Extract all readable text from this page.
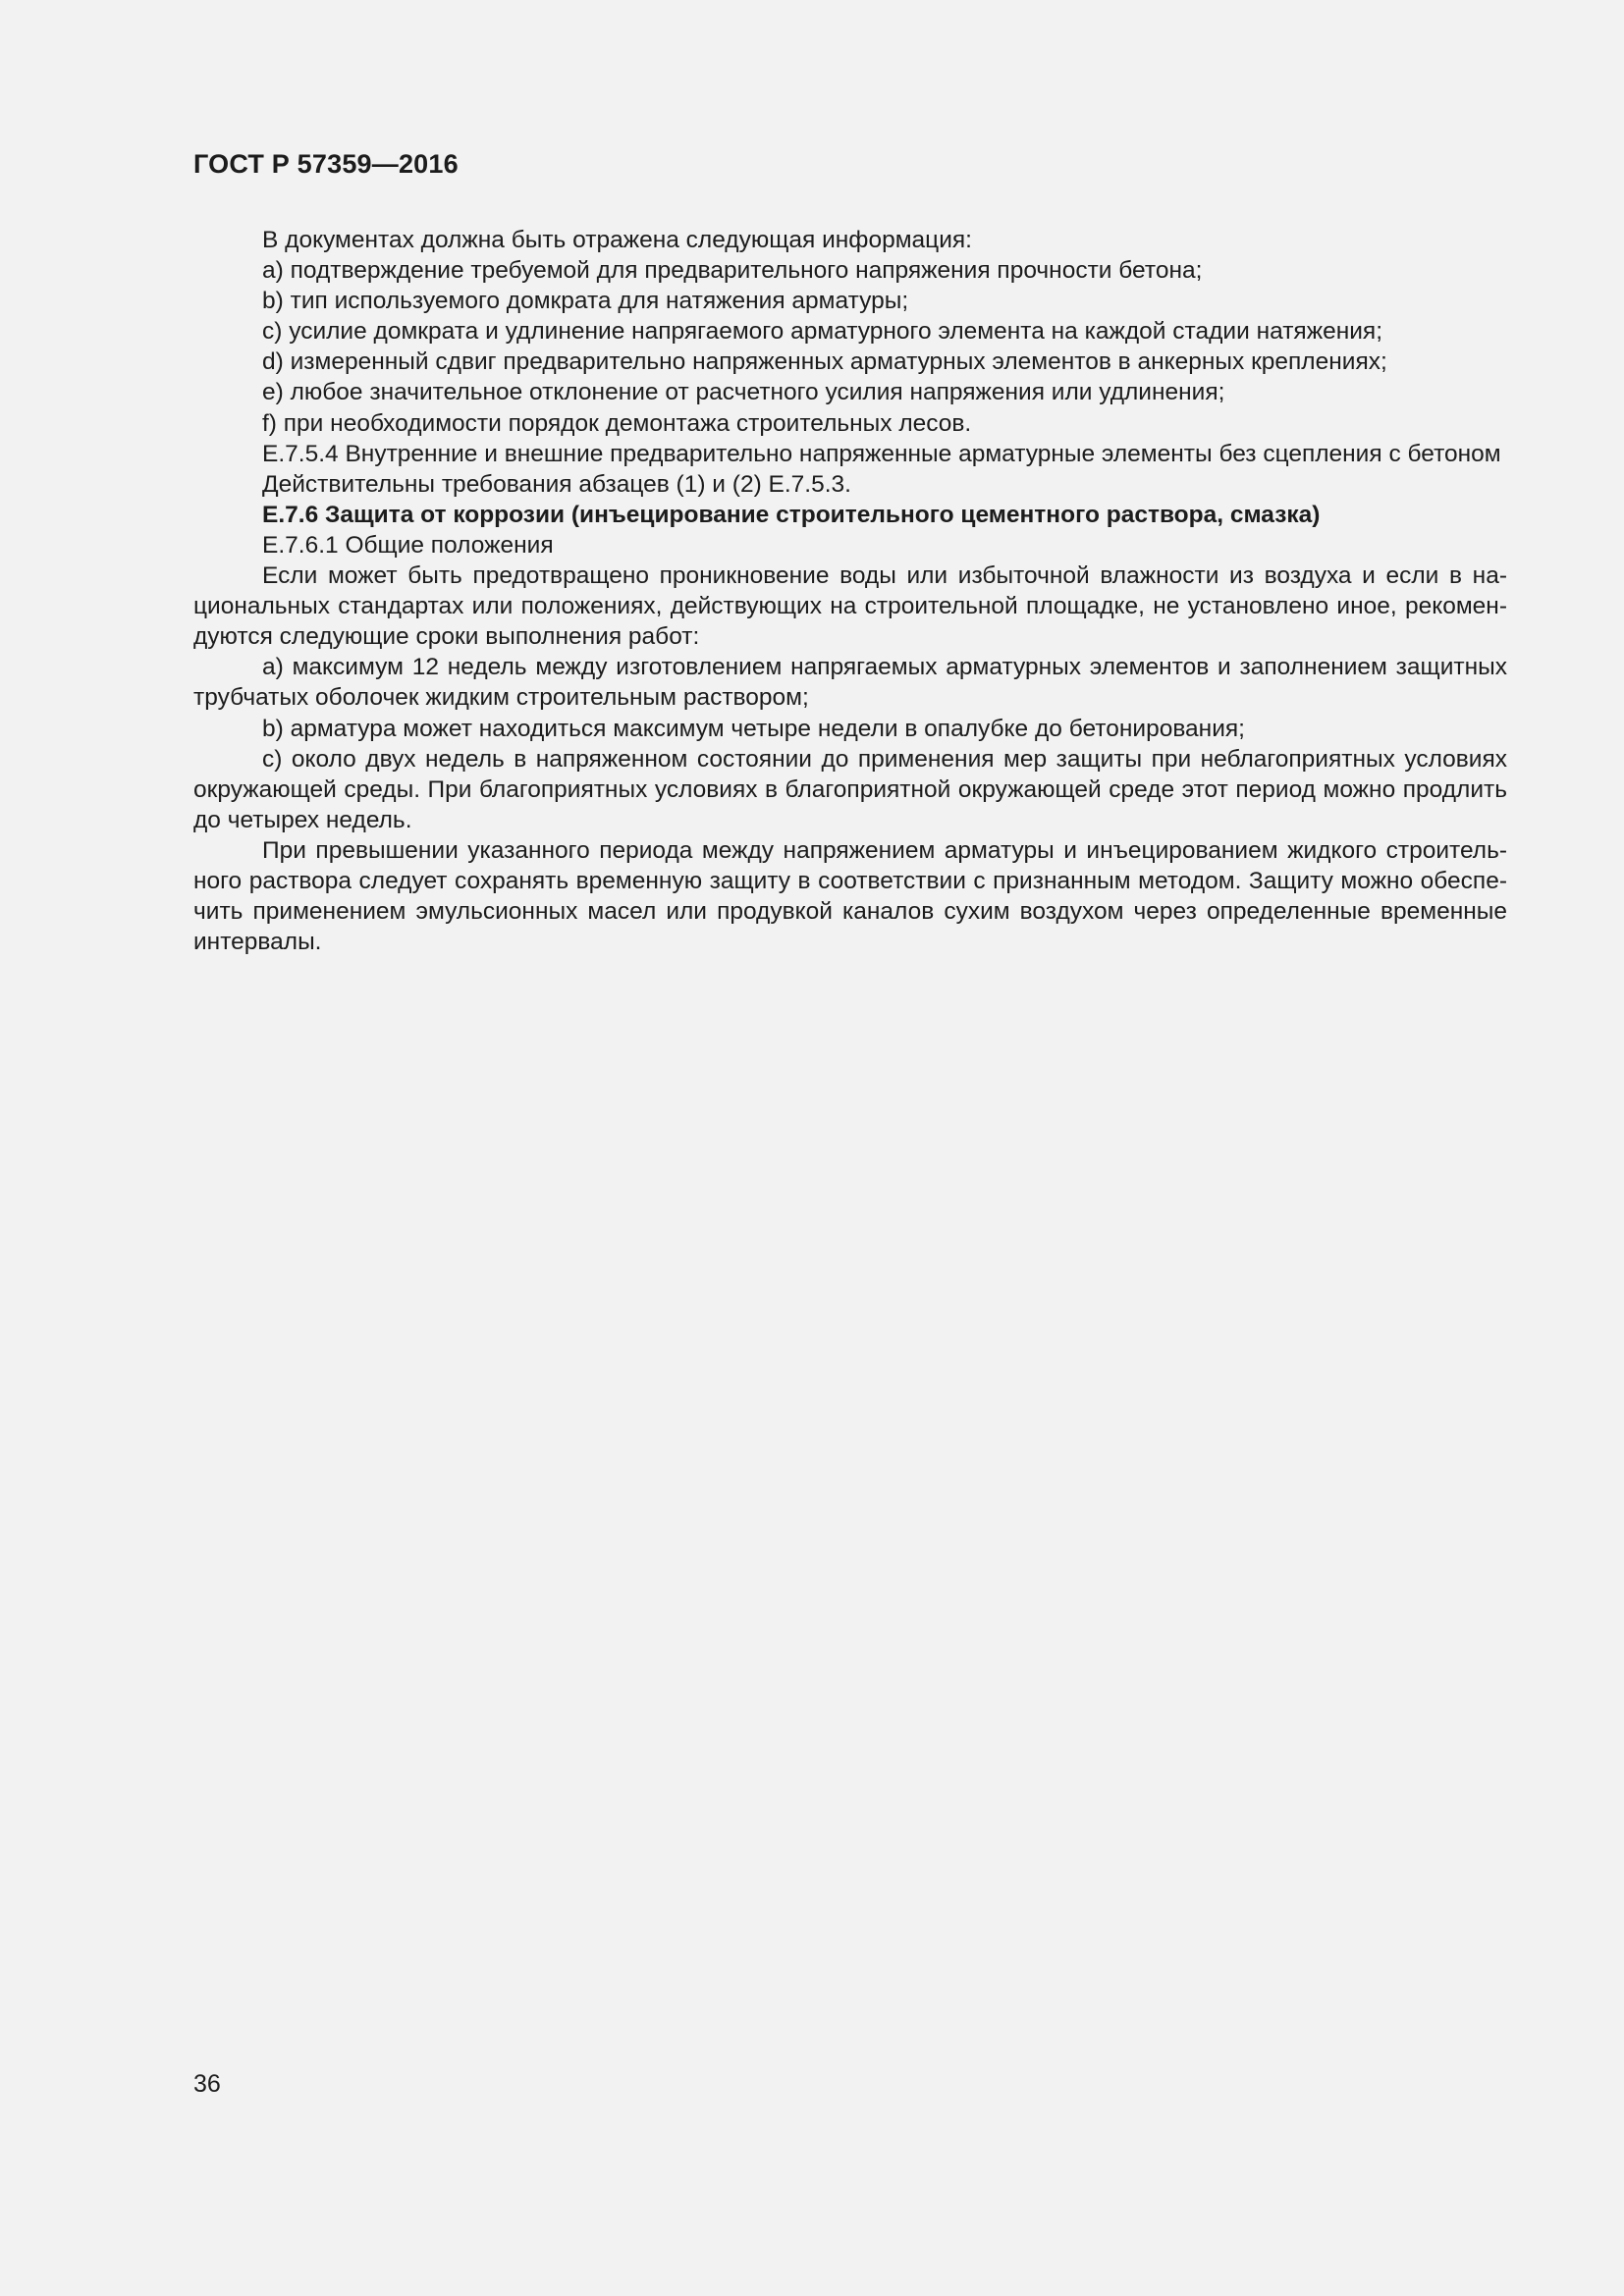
ГОСТ Р 57359—2016

В документах должна быть отражена следующая информация:

a) подтверждение требуемой для предварительного напряжения прочности бетона;

b) тип используемого домкрата для натяжения арматуры;

c) усилие домкрата и удлинение напрягаемого арматурного элемента на каждой стадии натяжения;

d) измеренный сдвиг предварительно напряженных арматурных элементов в анкерных креплениях;

e) любое значительное отклонение от расчетного усилия напряжения или удлинения;

f) при необходимости порядок демонтажа строительных лесов.

Е.7.5.4 Внутренние и внешние предварительно напряженные арматурные элементы без сцепления с бетоном

Действительны требования абзацев (1) и (2) Е.7.5.3.

Е.7.6 Защита от коррозии (инъецирование строительного цементного раствора, смазка)

Е.7.6.1 Общие положения

Если может быть предотвращено проникновение воды или избыточной влажности из воздуха и если в национальных стандартах или положениях, действующих на строительной площадке, не установлено иное, рекомендуются следующие сроки выполнения работ:

a) максимум 12 недель между изготовлением напрягаемых арматурных элементов и заполнением защитных трубчатых оболочек жидким строительным раствором;

b) арматура может находиться максимум четыре недели в опалубке до бетонирования;

c) около двух недель в напряженном состоянии до применения мер защиты при неблагоприятных условиях окружающей среды. При благоприятных условиях в благоприятной окружающей среде этот период можно продлить до четырех недель.

При превышении указанного периода между напряжением арматуры и инъецированием жидкого строительного раствора следует сохранять временную защиту в соответствии с признанным методом. Защиту можно обеспечить применением эмульсионных масел или продувкой каналов сухим воздухом через определенные временные интервалы.

36
